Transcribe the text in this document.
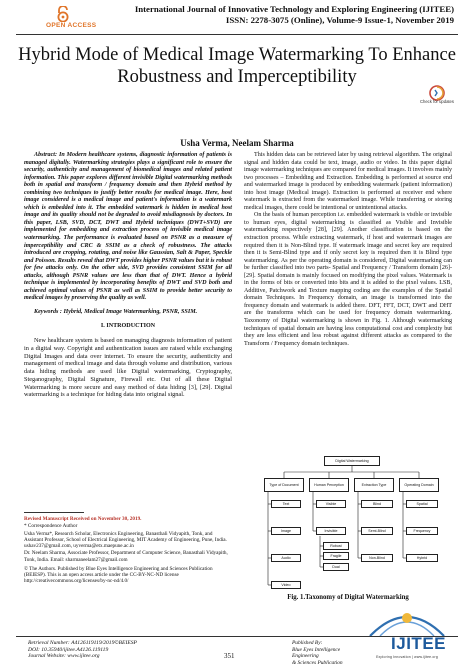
OPEN ACCESS
International Journal of Innovative Technology and Exploring Engineering (IJITEE)
ISSN: 2278-3075 (Online), Volume-9 Issue-1, November 2019
Hybrid Mode of Medical Image Watermarking To Enhance Robustness and Imperceptibility
Check for updates
Usha Verma, Neelam Sharma

Abstract: In Modern healthcare systems, diagnostic information of patients is managed digitally. Watermarking strategies plays a significant role to ensure the security, authenticity and management of biomedical images and related patient information. This paper explores different invisible Digital watermarking methods both in spatial and transform / frequency domain and then Hybrid method by combining two techniques to justify better results for medical image. Here, host image considered is a medical image and patient's information is a watermark which is embedded into it. The embedded watermark is hidden in medical host image and its quality should not be degraded to avoid misdiagnosis by doctors. In this paper, LSB, SVD, DCT, DWT and Hybrid techniques (DWT+SVD) are implemented for embedding and extraction process of invisible medical image watermarking. The performance is evaluated based on PSNR as a measure of imperceptibility and CRC & SSIM as a check of robustness. The attacks introduced are cropping, rotating, and noise like Gaussian, Salt & Paper, Speckle and Poisson. Results reveal that DWT provides higher PSNR values but it is robust for few attacks only. On the other side, SVD provides consistent SSIM for all attacks, although PSNR values are less than that of DWT. Hence a hybrid technique is implemented by incorporating benefits of DWT and SVD both and achieved optimal values of PSNR as well as SSIM to provide better security to medical images by preserving the quality as well.

Keywords : Hybrid, Medical Image Watermarking, PSNR, SSIM.

I. INTRODUCTION

New healthcare system is based on managing diagnosis information of patient in a digital way. Copyright and authentication issues are raised while exchanging Digital Images and data over internet. To ensure the security, authenticity and management of medical image and data through volume and distribution, various data hiding methods are used like Digital watermarking, Cryptography, Steganography, Digital Signature, Firewall etc. Out of all these Digital Watermarking is more secure and easy method of data hiding [3], [29]. Digital watermarking is a technique for hiding data into original signal.

Revised Manuscript Received on November 30, 2019.

* Correspondence Author

Usha Verma*, Research Scholar, Electronics Engineering, Banasthali Vidyapith, Tonk, and Assistant Professor, School of Electrical Engineering, MIT Academy of Engineering, Pune, India. ushav237@gmail.com, uyverma@etx.maepune.ac.in

Dr. Neelam Sharma, Associate Professor, Department of Computer Science, Banasthali Vidyapith, Tonk, India. Email: sharmaneelam27@gmail.com

© The Authors. Published by Blue Eyes Intelligence Engineering and Sciences Publication (BEIESP). This is an open access article under the CC-BY-NC-ND license http://creativecommons.org/licenses/by-nc-nd/4.0/

This hidden data can be retrieved later by using retrieval algorithm. The original signal and hidden data could be text, image, audio or video. In this paper digital image watermarking techniques are compared for medical images. It involves mainly two processes – Embedding and Extraction. Embedding is performed at source end and watermarked image is produced by embedding watermark (patient information) into host image (Medical image). Extraction is performed at receiver end where watermark is extracted from the watermarked image. While transferring or storing medical images, there could be intentional or unintentional attacks.

On the basis of human perception i.e. embedded watermark is visible or invisible to human eyes, digital watermarking is classified as Visible and Invisible watermarking respectively [28], [29]. Another classification is based on the extraction process. While extracting watermark, if host and watermark images are required then it is Non-Blind type. If watermark image and secret key are required then it is Semi-Blind type and if only secret key is required then it is Blind type watermarking. As per the operating domain is considered, Digital watermarking can be further classified into two parts- Spatial and Frequency / Transform domain [26]-[29]. Spatial domain is mainly focused on modifying the pixel values. Watermark is in the forms of bits or converted into bits and it is added to the pixel values. LSB, Additive, Patchwork and Texture mapping coding are the examples of the Spatial domain Techniques. In Frequency domain, an image is transformed into the frequency domain and watermark is added there. DFT, FFT, DCT, DWT and DHT are the transforms which can be used for frequency domain watermarking. Taxonomy of Digital watermarking is shown in Fig. 1. Although watermarking techniques of spatial domain are having less computational cost and complexity but they are less efficient and less robust against different attacks as compared to the Transform / Frequency domain techniques.

Digital Watermarking
Type of Document	Human Perception	Extraction Type	Operating Domain
Text
Image
Audio
Video
Visible
Invisible
Robust
Fragile
Dual
Blind
Semi-Blind
Non-Blind
Spatial
Frequency
Hybrid
Fig. 1.Taxonomy of Digital Watermarking
IJITEE
Exploring Innovation | www.ijitee.org
Retrieval Number: A4126119119/2019©BEIESP
DOI: 10.35940/ijitee.A4126.119119
Journal Website: www.ijitee.org	351
Published By:
Blue Eyes Intelligence Engineering
& Sciences Publication
